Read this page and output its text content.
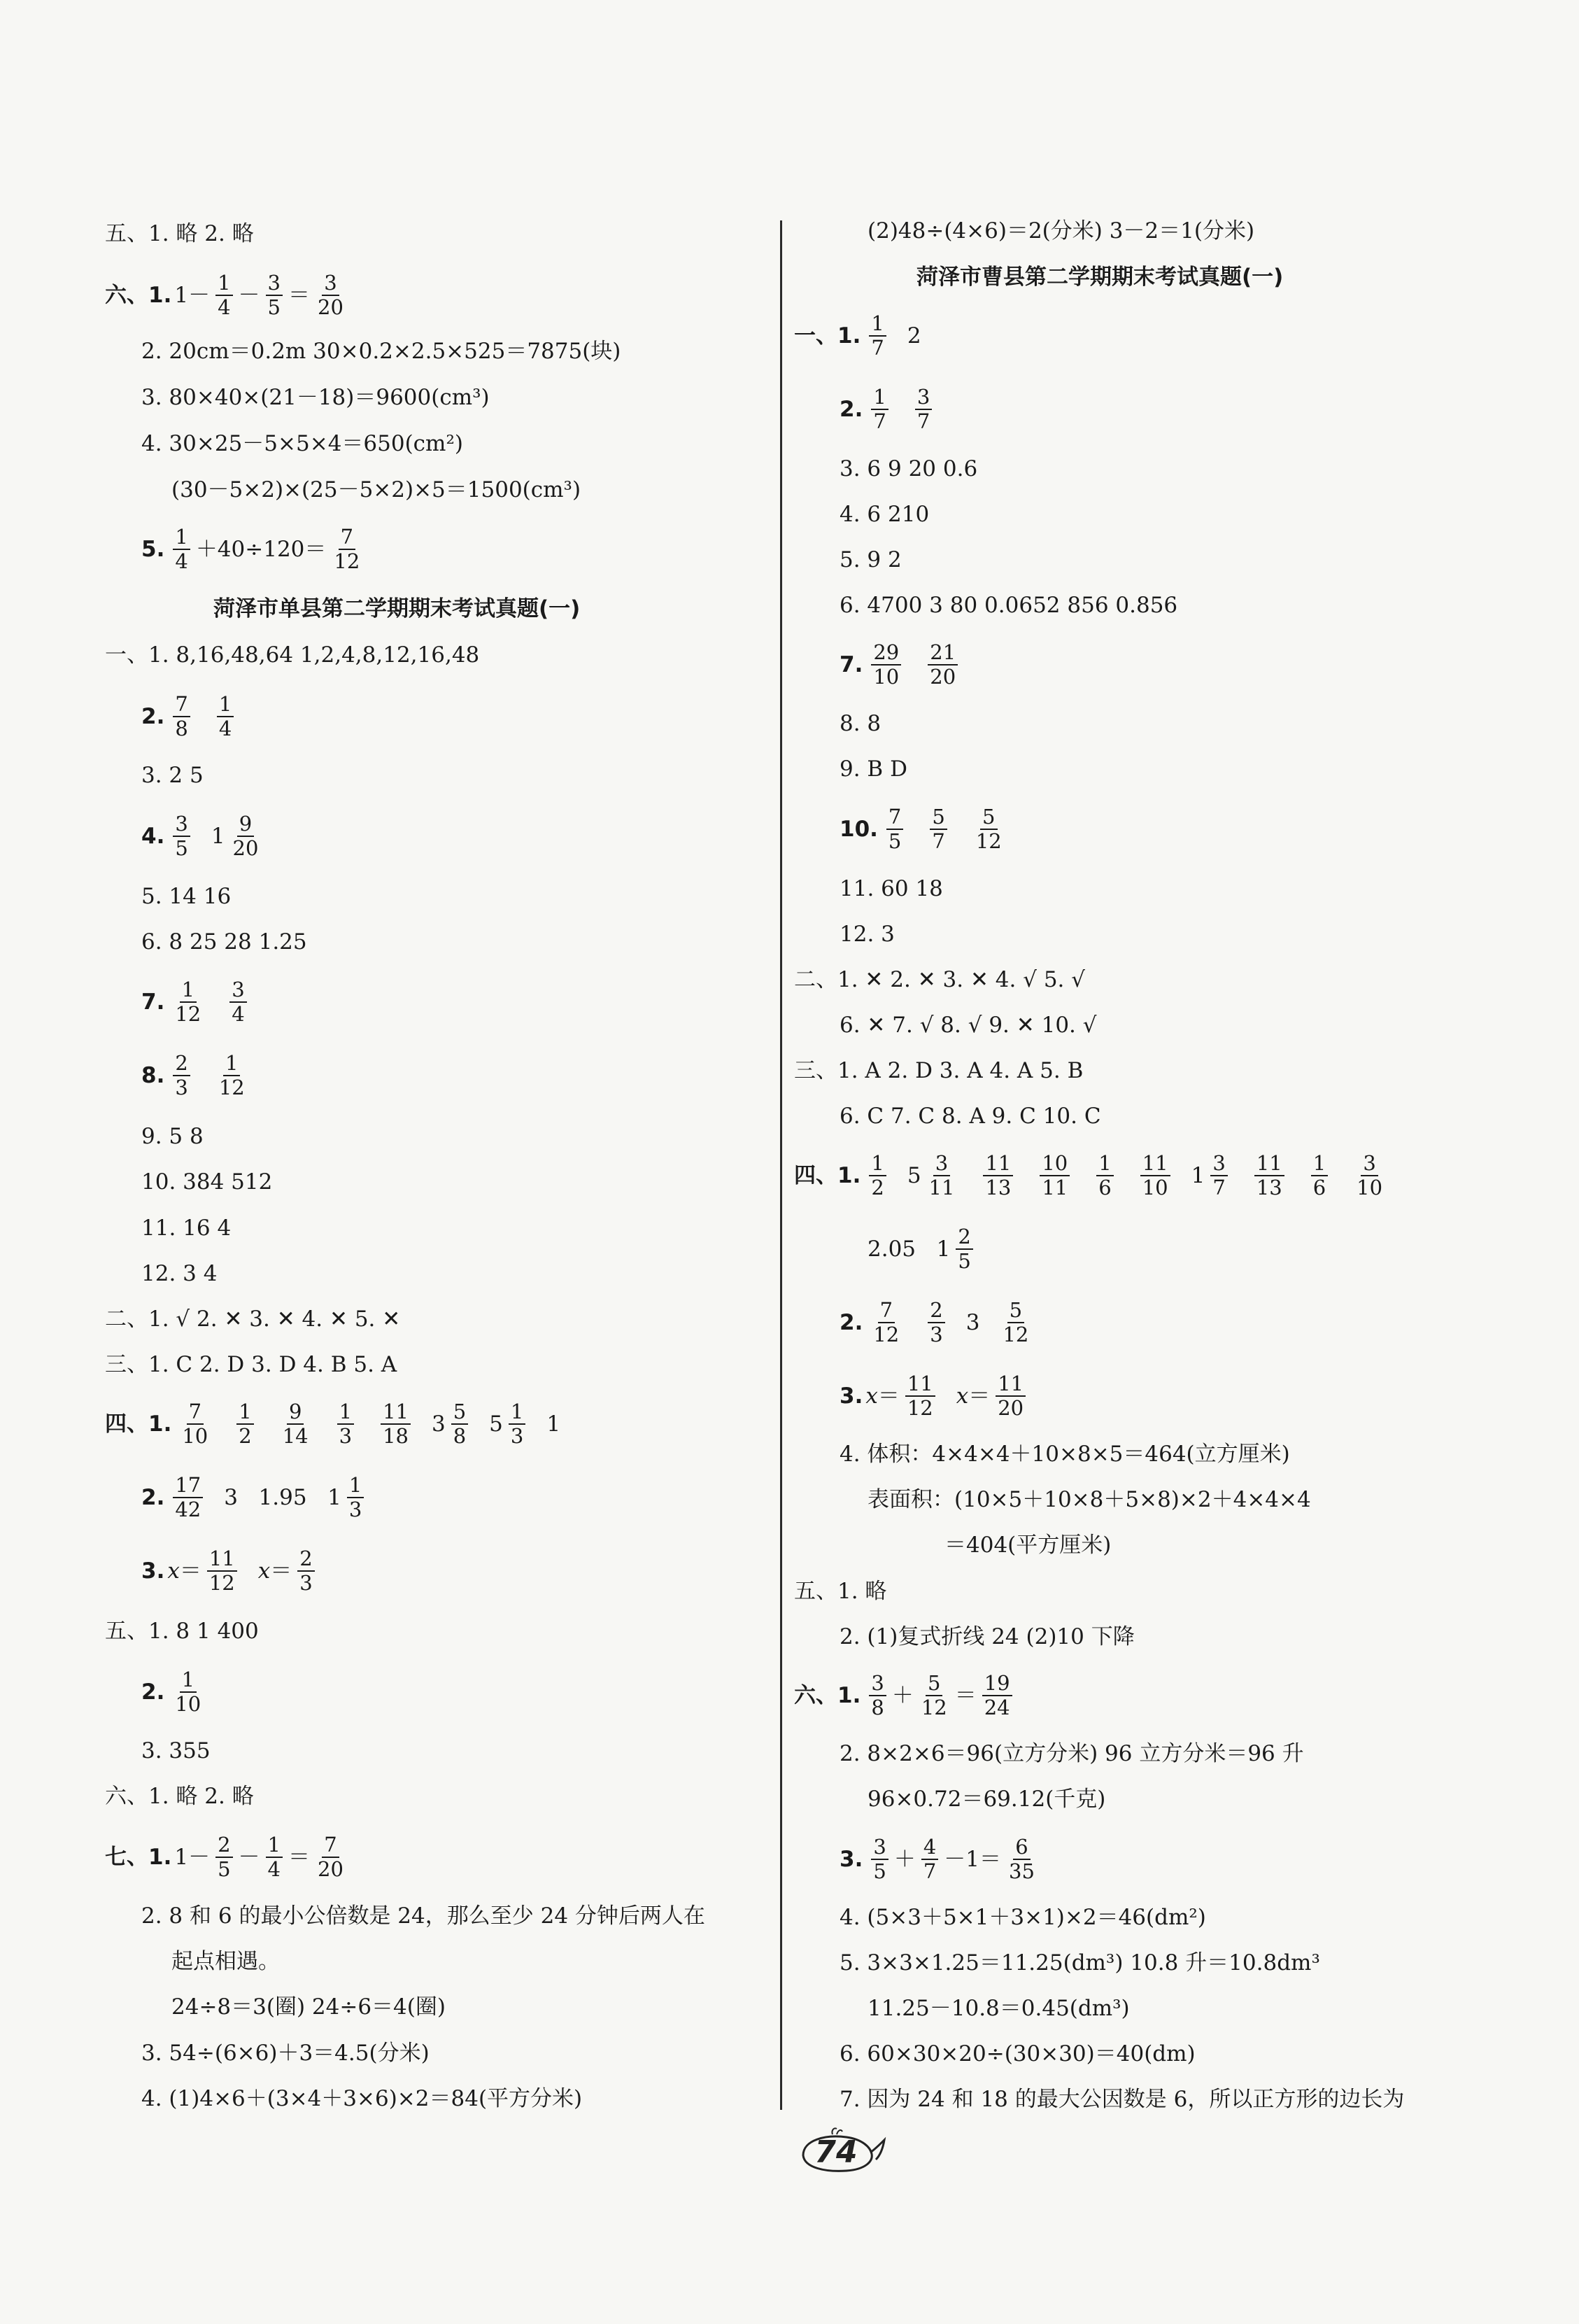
五、1. 略 2. 略
六、1. $1- \frac{1}{4} - \frac{3}{5} = \frac{3}{20}$
2. 20cm＝0.2m 30×0.2×2.5×525＝7875(块)
3. 80×40×(21－18)＝9600(cm³)
4. 30×25－5×5×4＝650(cm²)
(30－5×2)×(25－5×2)×5＝1500(cm³)
5. $\frac{1}{4} +40\div 120= \frac{7}{12}$
菏泽市单县第二学期期末考试真题(一)
一、1. 8,16,48,64 1,2,4,8,12,16,48
2. $\frac{7}{8} \frac{1}{4}$
3. 2 5
4. $\frac{3}{5} 1 \frac{9}{20}$
5. 14 16
6. 8 25 28 1.25
7. $\frac{1}{12} \frac{3}{4}$
8. $\frac{2}{3} \frac{1}{12}$
9. 5 8
10. 384 512
11. 16 4
12. 3 4
二、1. √ 2. ✕ 3. ✕ 4. ✕ 5. ✕
三、1. C 2. D 3. D 4. B 5. A
四、1. $\frac{7}{10} \frac{1}{2} \frac{9}{14} \frac{1}{3} \frac{11}{18} 3 \frac{5}{8} 5 \frac{1}{3} 1$
2. $\frac{17}{42} 3$   1.95   $1 \frac{1}{3}$
3. $x = \frac{11}{12}$ $x = \frac{2}{3}$
五、1. 8 1 400
2. $\frac{1}{10}$
3. 355
六、1. 略 2. 略
七、1. $1- \frac{2}{5} - \frac{1}{4} = \frac{7}{20}$
2. 8 和 6 的最小公倍数是 24，那么至少 24 分钟后两人在
起点相遇。
24÷8＝3(圈) 24÷6＝4(圈)
3. 54÷(6×6)＋3＝4.5(分米)
4. (1)4×6＋(3×4＋3×6)×2＝84(平方分米)
(2)48÷(4×6)＝2(分米) 3－2＝1(分米)
菏泽市曹县第二学期期末考试真题(一)
一、1. $\frac{1}{7} 2$
2. $\frac{1}{7} \frac{3}{7}$
3. 6 9 20 0.6
4. 6 210
5. 9 2
6. 4700 3 80 0.0652 856 0.856
7. $\frac{29}{10} \frac{21}{20}$
8. 8
9. B D
10. $\frac{7}{5} \frac{5}{7} \frac{5}{12}$
11. 60 18
12. 3
二、1. ✕ 2. ✕ 3. ✕ 4. √ 5. √
6. ✕ 7. √ 8. √ 9. ✕ 10. √
三、1. A 2. D 3. A 4. A 5. B
6. C 7. C 8. A 9. C 10. C
四、1. $\frac{1}{2} 5 \frac{3}{11} \frac{11}{13} \frac{10}{11} \frac{1}{6} \frac{11}{10} 1 \frac{3}{7} \frac{11}{13} \frac{1}{6} \frac{3}{10}$
2.05   $1 \frac{2}{5}$
2. $\frac{7}{12} \frac{2}{3} 3 \frac{5}{12}$
3. $x = \frac{11}{12}$ $x = \frac{11}{20}$
4. 体积：4×4×4＋10×8×5＝464(立方厘米)
表面积：(10×5＋10×8＋5×8)×2＋4×4×4
＝404(平方厘米)
五、1. 略
2. (1)复式折线 24 (2)10 下降
六、1. $\frac{3}{8} + \frac{5}{12} = \frac{19}{24}$
2. 8×2×6＝96(立方分米) 96 立方分米＝96 升
96×0.72＝69.12(千克)
3. $\frac{3}{5} + \frac{4}{7} -1= \frac{6}{35}$
4. (5×3＋5×1＋3×1)×2＝46(dm²)
5. 3×3×1.25＝11.25(dm³) 10.8 升＝10.8dm³
11.25－10.8＝0.45(dm³)
6. 60×30×20÷(30×30)＝40(dm)
7. 因为 24 和 18 的最大公因数是 6，所以正方形的边长为
74
